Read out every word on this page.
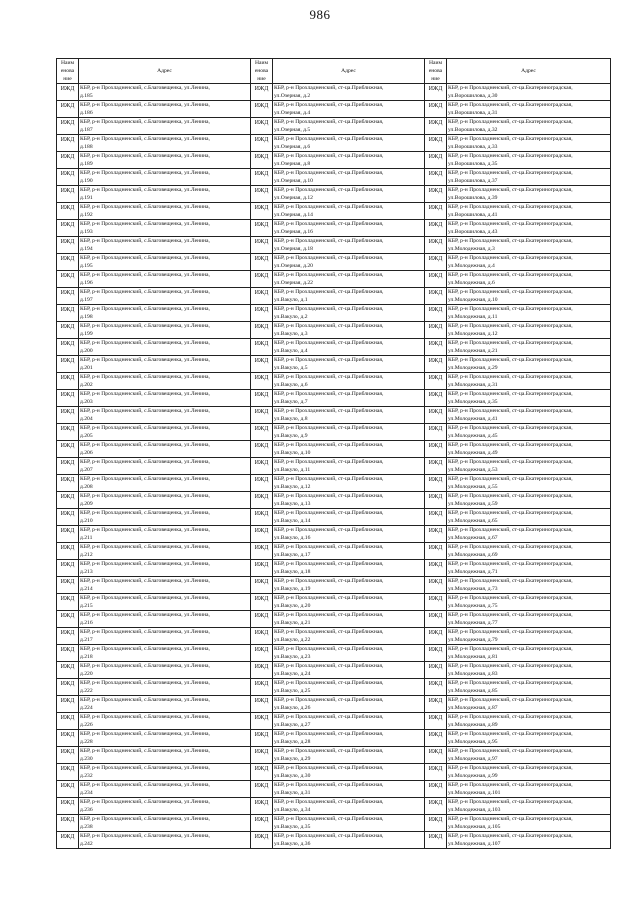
986
Наим енова ние	Адрес	Наим енова ние	Адрес	Наим енова ние	Адрес
ИЖД	КБР, р-н Прохладненский, с.Благовещенка, ул.Ленина,
д.185	ИЖД	КБР, р-н Прохладненский, ст-ца.Приближная,
ул.Озерная, д.2	ИЖД	КБР, р-н Прохладненский, ст-ца.Екатериноградская,
ул.Ворошилова, д.30

ИЖД	КБР, р-н Прохладненский, с.Благовещенка, ул.Ленина,
д.186	ИЖД	КБР, р-н Прохладненский, ст-ца.Приближная,
ул.Озерная, д.4	ИЖД	КБР, р-н Прохладненский, ст-ца.Екатериноградская,
ул.Ворошилова, д.31

ИЖД	КБР, р-н Прохладненский, с.Благовещенка, ул.Ленина,
д.187	ИЖД	КБР, р-н Прохладненский, ст-ца.Приближная,
ул.Озерная, д.5	ИЖД	КБР, р-н Прохладненский, ст-ца.Екатериноградская,
ул.Ворошилова, д.32

ИЖД	КБР, р-н Прохладненский, с.Благовещенка, ул.Ленина,
д.188	ИЖД	КБР, р-н Прохладненский, ст-ца.Приближная,
ул.Озерная, д.6	ИЖД	КБР, р-н Прохладненский, ст-ца.Екатериноградская,
ул.Ворошилова, д.33

ИЖД	КБР, р-н Прохладненский, с.Благовещенка, ул.Ленина,
д.189	ИЖД	КБР, р-н Прохладненский, ст-ца.Приближная,
ул.Озерная, д.8	ИЖД	КБР, р-н Прохладненский, ст-ца.Екатериноградская,
ул.Ворошилова, д.35

ИЖД	КБР, р-н Прохладненский, с.Благовещенка, ул.Ленина,
д.190	ИЖД	КБР, р-н Прохладненский, ст-ца.Приближная,
ул.Озерная, д.10	ИЖД	КБР, р-н Прохладненский, ст-ца.Екатериноградская,
ул.Ворошилова, д.37

ИЖД	КБР, р-н Прохладненский, с.Благовещенка, ул.Ленина,
д.191	ИЖД	КБР, р-н Прохладненский, ст-ца.Приближная,
ул.Озерная, д.12	ИЖД	КБР, р-н Прохладненский, ст-ца.Екатериноградская,
ул.Ворошилова, д.39

ИЖД	КБР, р-н Прохладненский, с.Благовещенка, ул.Ленина,
д.192	ИЖД	КБР, р-н Прохладненский, ст-ца.Приближная,
ул.Озерная, д.14	ИЖД	КБР, р-н Прохладненский, ст-ца.Екатериноградская,
ул.Ворошилова, д.41

ИЖД	КБР, р-н Прохладненский, с.Благовещенка, ул.Ленина,
д.193	ИЖД	КБР, р-н Прохладненский, ст-ца.Приближная,
ул.Озерная, д.16	ИЖД	КБР, р-н Прохладненский, ст-ца.Екатериноградская,
ул.Ворошилова, д.43

ИЖД	КБР, р-н Прохладненский, с.Благовещенка, ул.Ленина,
д.194	ИЖД	КБР, р-н Прохладненский, ст-ца.Приближная,
ул.Озерная, д.18	ИЖД	КБР, р-н Прохладненский, ст-ца.Екатериноградская,
ул.Молодежная, д.3

ИЖД	КБР, р-н Прохладненский, с.Благовещенка, ул.Ленина,
д.195	ИЖД	КБР, р-н Прохладненский, ст-ца.Приближная,
ул.Озерная, д.20	ИЖД	КБР, р-н Прохладненский, ст-ца.Екатериноградская,
ул.Молодежная, д.4

ИЖД	КБР, р-н Прохладненский, с.Благовещенка, ул.Ленина,
д.196	ИЖД	КБР, р-н Прохладненский, ст-ца.Приближная,
ул.Озерная, д.22	ИЖД	КБР, р-н Прохладненский, ст-ца.Екатериноградская,
ул.Молодежная, д.6

ИЖД	КБР, р-н Прохладненский, с.Благовещенка, ул.Ленина,
д.197	ИЖД	КБР, р-н Прохладненский, ст-ца.Приближная,
ул.Вакуло, д.1	ИЖД	КБР, р-н Прохладненский, ст-ца.Екатериноградская,
ул.Молодежная, д.10

ИЖД	КБР, р-н Прохладненский, с.Благовещенка, ул.Ленина,
д.198	ИЖД	КБР, р-н Прохладненский, ст-ца.Приближная,
ул.Вакуло, д.2	ИЖД	КБР, р-н Прохладненский, ст-ца.Екатериноградская,
ул.Молодежная, д.11

ИЖД	КБР, р-н Прохладненский, с.Благовещенка, ул.Ленина,
д.199	ИЖД	КБР, р-н Прохладненский, ст-ца.Приближная,
ул.Вакуло, д.3	ИЖД	КБР, р-н Прохладненский, ст-ца.Екатериноградская,
ул.Молодежная, д.12

ИЖД	КБР, р-н Прохладненский, с.Благовещенка, ул.Ленина,
д.200	ИЖД	КБР, р-н Прохладненский, ст-ца.Приближная,
ул.Вакуло, д.4	ИЖД	КБР, р-н Прохладненский, ст-ца.Екатериноградская,
ул.Молодежная, д.21

ИЖД	КБР, р-н Прохладненский, с.Благовещенка, ул.Ленина,
д.201	ИЖД	КБР, р-н Прохладненский, ст-ца.Приближная,
ул.Вакуло, д.5	ИЖД	КБР, р-н Прохладненский, ст-ца.Екатериноградская,
ул.Молодежная, д.29

ИЖД	КБР, р-н Прохладненский, с.Благовещенка, ул.Ленина,
д.202	ИЖД	КБР, р-н Прохладненский, ст-ца.Приближная,
ул.Вакуло, д.6	ИЖД	КБР, р-н Прохладненский, ст-ца.Екатериноградская,
ул.Молодежная, д.31

ИЖД	КБР, р-н Прохладненский, с.Благовещенка, ул.Ленина,
д.203	ИЖД	КБР, р-н Прохладненский, ст-ца.Приближная,
ул.Вакуло, д.7	ИЖД	КБР, р-н Прохладненский, ст-ца.Екатериноградская,
ул.Молодежная, д.35

ИЖД	КБР, р-н Прохладненский, с.Благовещенка, ул.Ленина,
д.204	ИЖД	КБР, р-н Прохладненский, ст-ца.Приближная,
ул.Вакуло, д.8	ИЖД	КБР, р-н Прохладненский, ст-ца.Екатериноградская,
ул.Молодежная, д.41

ИЖД	КБР, р-н Прохладненский, с.Благовещенка, ул.Ленина,
д.205	ИЖД	КБР, р-н Прохладненский, ст-ца.Приближная,
ул.Вакуло, д.9	ИЖД	КБР, р-н Прохладненский, ст-ца.Екатериноградская,
ул.Молодежная, д.45

ИЖД	КБР, р-н Прохладненский, с.Благовещенка, ул.Ленина,
д.206	ИЖД	КБР, р-н Прохладненский, ст-ца.Приближная,
ул.Вакуло, д.10	ИЖД	КБР, р-н Прохладненский, ст-ца.Екатериноградская,
ул.Молодежная, д.49

ИЖД	КБР, р-н Прохладненский, с.Благовещенка, ул.Ленина,
д.207	ИЖД	КБР, р-н Прохладненский, ст-ца.Приближная,
ул.Вакуло, д.11	ИЖД	КБР, р-н Прохладненский, ст-ца.Екатериноградская,
ул.Молодежная, д.53

ИЖД	КБР, р-н Прохладненский, с.Благовещенка, ул.Ленина,
д.208	ИЖД	КБР, р-н Прохладненский, ст-ца.Приближная,
ул.Вакуло, д.12	ИЖД	КБР, р-н Прохладненский, ст-ца.Екатериноградская,
ул.Молодежная, д.55

ИЖД	КБР, р-н Прохладненский, с.Благовещенка, ул.Ленина,
д.209	ИЖД	КБР, р-н Прохладненский, ст-ца.Приближная,
ул.Вакуло, д.13	ИЖД	КБР, р-н Прохладненский, ст-ца.Екатериноградская,
ул.Молодежная, д.59

ИЖД	КБР, р-н Прохладненский, с.Благовещенка, ул.Ленина,
д.210	ИЖД	КБР, р-н Прохладненский, ст-ца.Приближная,
ул.Вакуло, д.14	ИЖД	КБР, р-н Прохладненский, ст-ца.Екатериноградская,
ул.Молодежная, д.65

ИЖД	КБР, р-н Прохладненский, с.Благовещенка, ул.Ленина,
д.211	ИЖД	КБР, р-н Прохладненский, ст-ца.Приближная,
ул.Вакуло, д.16	ИЖД	КБР, р-н Прохладненский, ст-ца.Екатериноградская,
ул.Молодежная, д.67

ИЖД	КБР, р-н Прохладненский, с.Благовещенка, ул.Ленина,
д.212	ИЖД	КБР, р-н Прохладненский, ст-ца.Приближная,
ул.Вакуло, д.17	ИЖД	КБР, р-н Прохладненский, ст-ца.Екатериноградская,
ул.Молодежная, д.69

ИЖД	КБР, р-н Прохладненский, с.Благовещенка, ул.Ленина,
д.213	ИЖД	КБР, р-н Прохладненский, ст-ца.Приближная,
ул.Вакуло, д.18	ИЖД	КБР, р-н Прохладненский, ст-ца.Екатериноградская,
ул.Молодежная, д.71

ИЖД	КБР, р-н Прохладненский, с.Благовещенка, ул.Ленина,
д.214	ИЖД	КБР, р-н Прохладненский, ст-ца.Приближная,
ул.Вакуло, д.19	ИЖД	КБР, р-н Прохладненский, ст-ца.Екатериноградская,
ул.Молодежная, д.73

ИЖД	КБР, р-н Прохладненский, с.Благовещенка, ул.Ленина,
д.215	ИЖД	КБР, р-н Прохладненский, ст-ца.Приближная,
ул.Вакуло, д.20	ИЖД	КБР, р-н Прохладненский, ст-ца.Екатериноградская,
ул.Молодежная, д.75

ИЖД	КБР, р-н Прохладненский, с.Благовещенка, ул.Ленина,
д.216	ИЖД	КБР, р-н Прохладненский, ст-ца.Приближная,
ул.Вакуло, д.21	ИЖД	КБР, р-н Прохладненский, ст-ца.Екатериноградская,
ул.Молодежная, д.77

ИЖД	КБР, р-н Прохладненский, с.Благовещенка, ул.Ленина,
д.217	ИЖД	КБР, р-н Прохладненский, ст-ца.Приближная,
ул.Вакуло, д.22	ИЖД	КБР, р-н Прохладненский, ст-ца.Екатериноградская,
ул.Молодежная, д.79

ИЖД	КБР, р-н Прохладненский, с.Благовещенка, ул.Ленина,
д.218	ИЖД	КБР, р-н Прохладненский, ст-ца.Приближная,
ул.Вакуло, д.23	ИЖД	КБР, р-н Прохладненский, ст-ца.Екатериноградская,
ул.Молодежная, д.81

ИЖД	КБР, р-н Прохладненский, с.Благовещенка, ул.Ленина,
д.220	ИЖД	КБР, р-н Прохладненский, ст-ца.Приближная,
ул.Вакуло, д.24	ИЖД	КБР, р-н Прохладненский, ст-ца.Екатериноградская,
ул.Молодежная, д.83

ИЖД	КБР, р-н Прохладненский, с.Благовещенка, ул.Ленина,
д.222	ИЖД	КБР, р-н Прохладненский, ст-ца.Приближная,
ул.Вакуло, д.25	ИЖД	КБР, р-н Прохладненский, ст-ца.Екатериноградская,
ул.Молодежная, д.85

ИЖД	КБР, р-н Прохладненский, с.Благовещенка, ул.Ленина,
д.224	ИЖД	КБР, р-н Прохладненский, ст-ца.Приближная,
ул.Вакуло, д.26	ИЖД	КБР, р-н Прохладненский, ст-ца.Екатериноградская,
ул.Молодежная, д.87

ИЖД	КБР, р-н Прохладненский, с.Благовещенка, ул.Ленина,
д.226	ИЖД	КБР, р-н Прохладненский, ст-ца.Приближная,
ул.Вакуло, д.27	ИЖД	КБР, р-н Прохладненский, ст-ца.Екатериноградская,
ул.Молодежная, д.89

ИЖД	КБР, р-н Прохладненский, с.Благовещенка, ул.Ленина,
д.228	ИЖД	КБР, р-н Прохладненский, ст-ца.Приближная,
ул.Вакуло, д.28	ИЖД	КБР, р-н Прохладненский, ст-ца.Екатериноградская,
ул.Молодежная, д.95

ИЖД	КБР, р-н Прохладненский, с.Благовещенка, ул.Ленина,
д.230	ИЖД	КБР, р-н Прохладненский, ст-ца.Приближная,
ул.Вакуло, д.29	ИЖД	КБР, р-н Прохладненский, ст-ца.Екатериноградская,
ул.Молодежная, д.97

ИЖД	КБР, р-н Прохладненский, с.Благовещенка, ул.Ленина,
д.232	ИЖД	КБР, р-н Прохладненский, ст-ца.Приближная,
ул.Вакуло, д.30	ИЖД	КБР, р-н Прохладненский, ст-ца.Екатериноградская,
ул.Молодежная, д.99

ИЖД	КБР, р-н Прохладненский, с.Благовещенка, ул.Ленина,
д.234	ИЖД	КБР, р-н Прохладненский, ст-ца.Приближная,
ул.Вакуло, д.31	ИЖД	КБР, р-н Прохладненский, ст-ца.Екатериноградская,
ул.Молодежная, д.101

ИЖД	КБР, р-н Прохладненский, с.Благовещенка, ул.Ленина,
д.236	ИЖД	КБР, р-н Прохладненский, ст-ца.Приближная,
ул.Вакуло, д.34	ИЖД	КБР, р-н Прохладненский, ст-ца.Екатериноградская,
ул.Молодежная, д.103

ИЖД	КБР, р-н Прохладненский, с.Благовещенка, ул.Ленина,
д.238	ИЖД	КБР, р-н Прохладненский, ст-ца.Приближная,
ул.Вакуло, д.35	ИЖД	КБР, р-н Прохладненский, ст-ца.Екатериноградская,
ул.Молодежная, д.105

ИЖД	КБР, р-н Прохладненский, с.Благовещенка, ул.Ленина,
д.242	ИЖД	КБР, р-н Прохладненский, ст-ца.Приближная,
ул.Вакуло, д.36	ИЖД	КБР, р-н Прохладненский, ст-ца.Екатериноградская,
ул.Молодежная, д.107
